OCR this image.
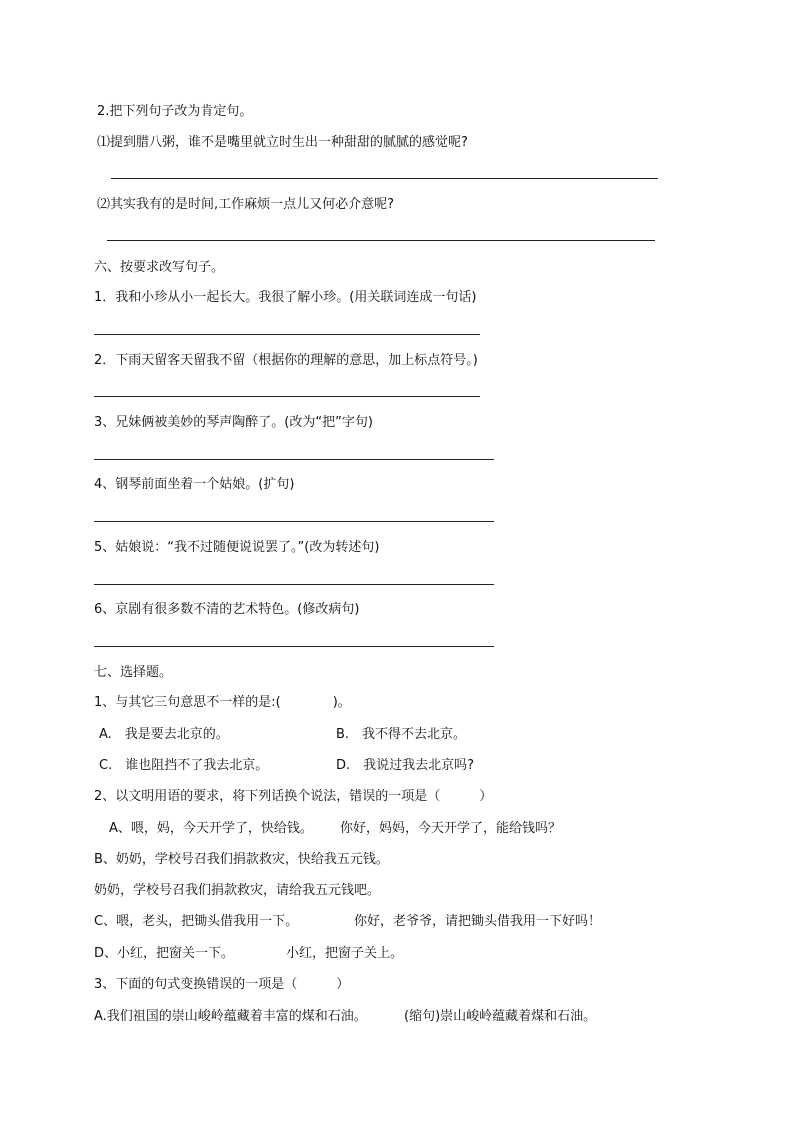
2.把下列句子改为肯定句。
⑴提到腊八粥，谁不是嘴里就立时生出一种甜甜的腻腻的感觉呢?
⑵其实我有的是时间,工作麻烦一点儿又何必介意呢?
六、按要求改写句子。
1．我和小珍从小一起长大。我很了解小珍。(用关联词连成一句话)
2．下雨天留客天留我不留（根据你的理解的意思，加上标点符号。)
3、兄妹俩被美妙的琴声陶醉了。(改为“把”字句)
4、钢琴前面坐着一个姑娘。(扩句)
5、姑娘说：“我不过随便说说罢了。”(改为转述句)
6、京剧有很多数不清的艺术特色。(修改病句)
七、选择题。
1、与其它三句意思不一样的是:(　　　　)。
A.　我是要去北京的。	B.　我不得不去北京。
C.　谁也阻挡不了我去北京。	D.　我说过我去北京吗?
2、以文明用语的要求，将下列话换个说法，错误的一项是（　　　）
A、喂，妈，今天开学了，快给钱。 你好，妈妈，今天开学了，能给钱吗？
B、奶奶，学校号召我们捐款救灾，快给我五元钱。
奶奶，学校号召我们捐款救灾，请给我五元钱吧。
C、喂，老头，把锄头借我用一下。	你好，老爷爷，请把锄头借我用一下好吗！
D、小红，把窗关一下。	小红，把窗子关上。
3、下面的句式变换错误的一项是（　　　）
A.我们祖国的崇山峻岭蕴藏着丰富的煤和石油。	(缩句)崇山峻岭蕴藏着煤和石油。
